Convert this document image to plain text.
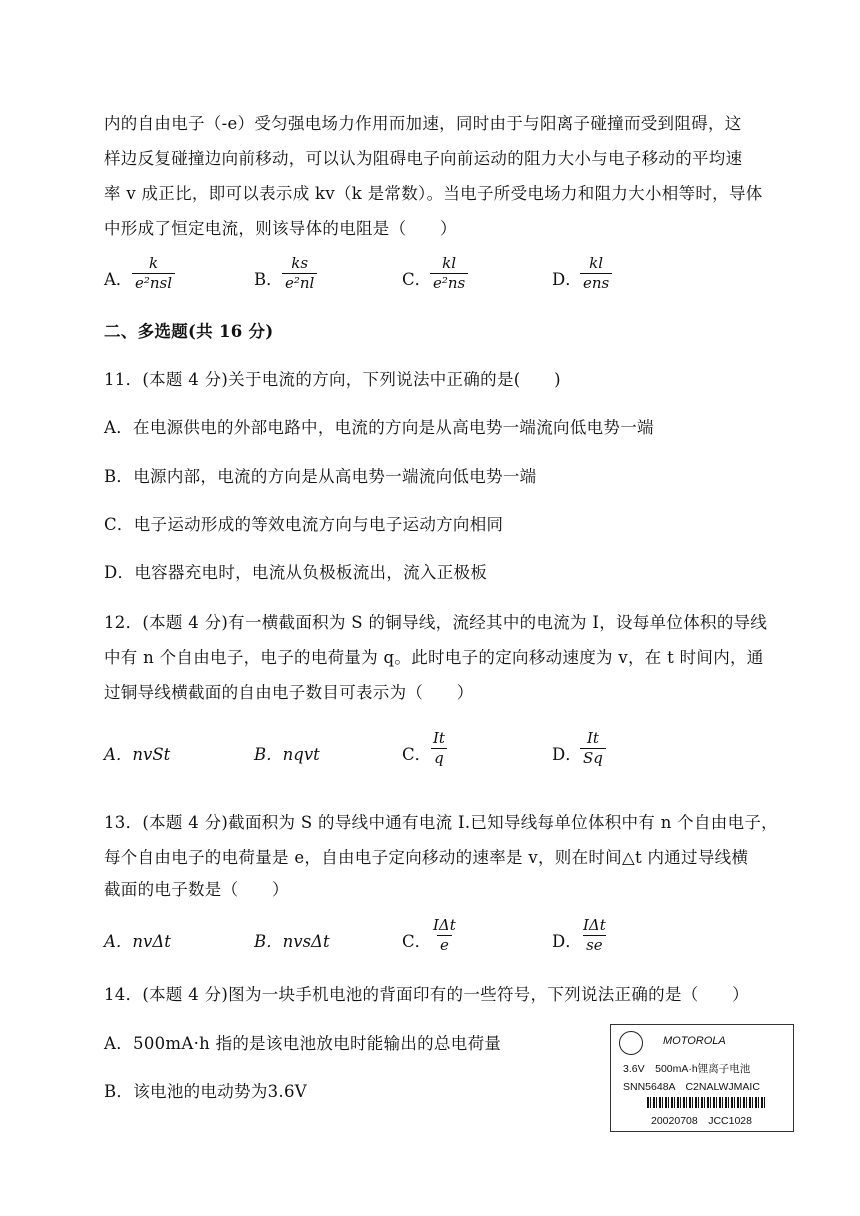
内的自由电子（-e）受匀强电场力作用而加速，同时由于与阳离子碰撞而受到阻碍，这
样边反复碰撞边向前移动，可以认为阻碍电子向前运动的阻力大小与电子移动的平均速
率 v 成正比，即可以表示成 kv（k 是常数）。当电子所受电场力和阻力大小相等时，导体
中形成了恒定电流，则该导体的电阻是（　　）
A．
k
e²nsl	B． $\frac{ks}{\text{e²nl}}$	C．
$\frac{kl}{\text{e²ns}}$	D．
kl
ens
二、多选题(共 16 分)
11．(本题 4 分)关于电流的方向，下列说法中正确的是(　　)
A．在电源供电的外部电路中，电流的方向是从高电势一端流向低电势一端
B．电源内部，电流的方向是从高电势一端流向低电势一端
C．电子运动形成的等效电流方向与电子运动方向相同
D．电容器充电时，电流从负极板流出，流入正极板
12．(本题 4 分)有一横截面积为 S 的铜导线，流经其中的电流为 I，设每单位体积的导线
中有 n 个自由电子，电子的电荷量为 q。此时电子的定向移动速度为 v，在 t 时间内，通
过铜导线横截面的自由电子数目可表示为（　　）
A．nvSt	B．nqvt	C．
$\frac{It}{q}$	D．
$\frac{It}{Sq}$
13．(本题 4 分)截面积为 S 的导线中通有电流 I.已知导线每单位体积中有 n 个自由电子，
每个自由电子的电荷量是 e，自由电子定向移动的速率是 v，则在时间△t 内通过导线横
截面的电子数是（　　）
A．nvΔt	B．nvsΔt	C．
IΔt
e	D．
IΔt
se
14．(本题 4 分)图为一块手机电池的背面印有的一些符号，下列说法正确的是（　　）
A．500mA·h 指的是该电池放电时能输出的总电荷量
B．该电池的电动势为3.6V
MOTOROLA
3.6V　500mA·h锂离子电池
SNN5648A　C2NALWJMAIC
20020708　JCC1028
